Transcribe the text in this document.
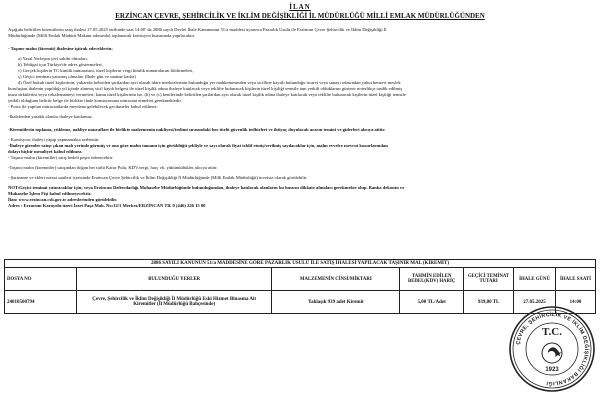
İLAN
ERZİNCAN ÇEVRE, ŞEHİRCİLİK VE İKLİM DEĞİŞİKLİĞİ İL MÜDÜRLÜĞÜ MİLLİ EMLAK MÜDÜRLÜĞÜNDEN
Aşağıda belirtilen kiremitlerin satış ihalesi 27.05.2025 tarihinde saat 14:00' da 2886 sayılı Devlet İhale Kanununun 51/a maddesi uyarınca Pazarlık Usulü ile Erzincan Çevre Şehircilik ve İklim Değişikliği İl
Müdürlüğünde (Milli Emlak Müdürü Makam odasında) toplanacak komisyon huzurunda yapılacaktır.
- Taşınır malın (kiremit) ihalesine iştirak edeceklerin;
a) Yasal Yerleşim yeri sahibi olmaları,
b) Tebligat için Türkiye'de adres göstermeleri,
c) Gerçek kişilerin TC kimlik numarasını, tüzel kişilerin vergi kimlik numaralarını bildirmeleri,
ç) Geçici teminatı yatırmış olmaları (İhale gün ve saatine kadar)
d) Özel hukuk tüzel kişilerinin, yukarıda belirtilen şartlardan ayrı olarak idare merkezlerinin bulunduğu yer mahkemesinden veya sicilline kayıtlı bulunduğu ticaret veya sanayi odasından yahut benzeri meslek
kuruluştan ihalenin yapıldığı yıl içinde alınmış sicil kaydı belgesi ile tüzel kişilik adına ihaleye katılacak veya teklifte bulunacak kişilerin tüzel kişiliği temsile tam yetkili olduklarını gösterir noterlikçe tasdik edilmiş
imza sirkülerini veya vekaletnameyi vermeleri; kamu tüzel kişilerinin ise, (b) ve (c) bentlerinde belirtilen şartlardan ayrı olarak tüzel kişilik adına ihaleye katılacak veya teklifte bulunacak kişilerin tüzel kişiliği temsile
yetkili olduğunu belirtir belge ile birlikte ihale komisyonuna müracaat etmeleri gerekmektedir.
- Posta ile yapılan müracaatlarda meydana gelebilecek gecikmeler kabul edilmez.
-İhalelerden yasaklı olanlar ihaleye katılamaz.
-Kiremitlerin toplama, yükleme, nakliye masrafları ile birlikte malzemenin nakliyesi/teslimi sırasındaki her türlü güvenlik tedbirleri ve ihtiyaç duyulacak aracın temini ve giderleri alıcıya aittir.
- Komisyon; ihaleyi yapıp yapmamakta serbesttir.
-İhaleye girenler satışı çıkan malı yerinde görmüş ve ona göre malın tamamı için görüldüğü şekliyle ve sayı olarak fiyat teklif etmiş/verilmiş sayılacaklar için, malın evvelce mevcut kusurlarından
dolayı hiçbir mesuliyet kabul edilmez.
- Taşınır malın (kiremitler) satış bedeli peşin ödenecektir.
-Taşınır malın (kiremitler) satışından doğan her türlü Karar Pulu, KDV,vergi, harç vb. yükümlülükler alıcıya aittir.
- Şartname ve ekleri mesai saatleri içerisinde Erzincan Çevre Şehircilik ve İklim Değişikliği İl Müdürlüğünde (Milli Emlak Müdürlüğü) ücretsiz olarak görülebilir.
NOT:Geçici teminat yatıracaklar için; veya Erzincan Defterdarlığı Muhasebe Müdürlüğünde bulunduğundan, ihaleye katılacak olanların bu hususu dikkate almaları gerekmekte olup. Banka dekontu ve
Muhasebe İşlem Fişi kabul edilmeyecektir.
İlan: www.erzincan.csb.gov.tr adreslerinden görülebilir.
Adres : Erzurum Karayolu üzeri İzzet Paşa Mah. No:32/1 Merkez/ERZİNCAN Tlf. 0 (446) 226 15 00
2886 SAYILI KANUNUN 51/a MADDESİNE GÖRE PAZARLIK USULÜ İLE SATIŞ İHALESİ YAPILACAK TAŞINIR MAL (KİREMİT)						
DOSYA NO	BULUNDUĞU YERLER	MALZEMENİN CİNSİ/MİKTARI	TAHMİN EDİLEN BEDEL(KDV) HARİÇ	GEÇİCİ TEMİNAT TUTARI	İHALE GÜNÜ	İHALE SAATİ
24010500794	Çevre, Şehircilik ve İklim Değişikliği İl Müdürlüğü Eski Hizmet Binasına Ait
Kiremitler (İl Müdürlüğü Bahçesinde)	Yaklaşık 939 adet Kiremit	5,00 TL/Adet	939,00 TL	27.05.2025	14:00
ÇEVRE, ŞEHİRCİLİK VE İKLİM DEĞİŞİKLİĞİ BAKANLIĞI
T.C.
1923
